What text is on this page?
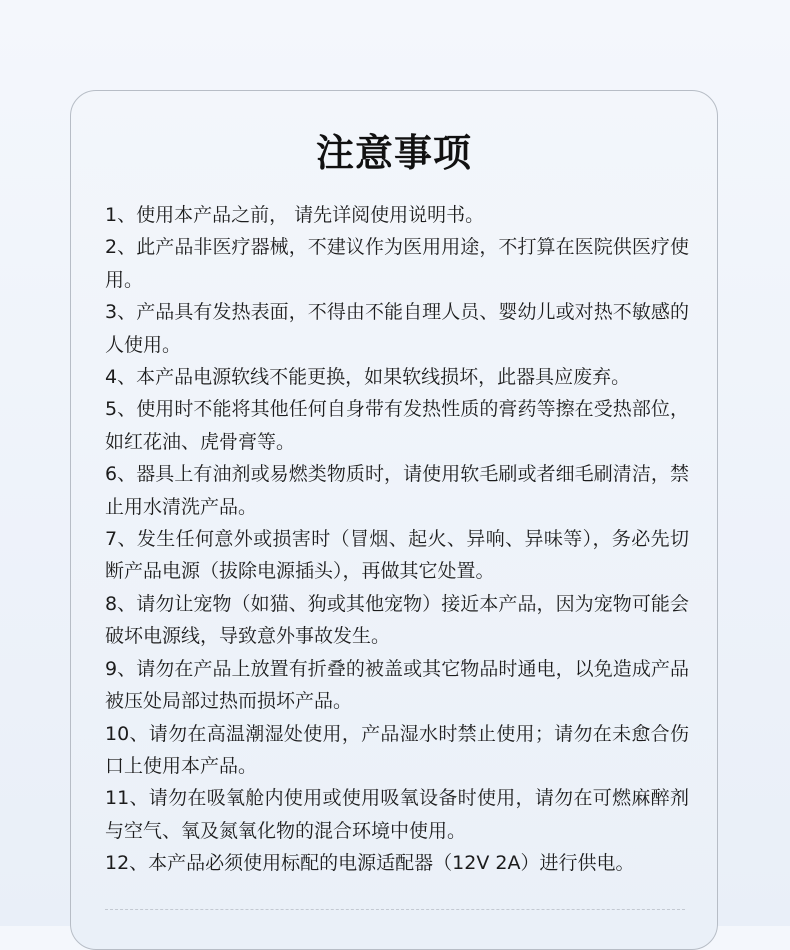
注意事项
1、使用本产品之前， 请先详阅使用说明书。
2、此产品非医疗器械，不建议作为医用用途，不打算在医院供医疗使用。
3、产品具有发热表面，不得由不能自理人员、婴幼儿或对热不敏感的人使用。
4、本产品电源软线不能更换，如果软线损坏，此器具应废弃。
5、使用时不能将其他任何自身带有发热性质的膏药等擦在受热部位，如红花油、虎骨膏等。
6、器具上有油剂或易燃类物质时，请使用软毛刷或者细毛刷清洁，禁止用水清洗产品。
7、发生任何意外或损害时（冒烟、起火、异响、异味等），务必先切断产品电源（拔除电源插头），再做其它处置。
8、请勿让宠物（如猫、狗或其他宠物）接近本产品，因为宠物可能会破坏电源线，导致意外事故发生。
9、请勿在产品上放置有折叠的被盖或其它物品时通电，以免造成产品被压处局部过热而损坏产品。
10、请勿在高温潮湿处使用，产品湿水时禁止使用；请勿在未愈合伤口上使用本产品。
11、请勿在吸氧舱内使用或使用吸氧设备时使用，请勿在可燃麻醉剂与空气、氧及氮氧化物的混合环境中使用。
12、本产品必须使用标配的电源适配器（12V 2A）进行供电。
